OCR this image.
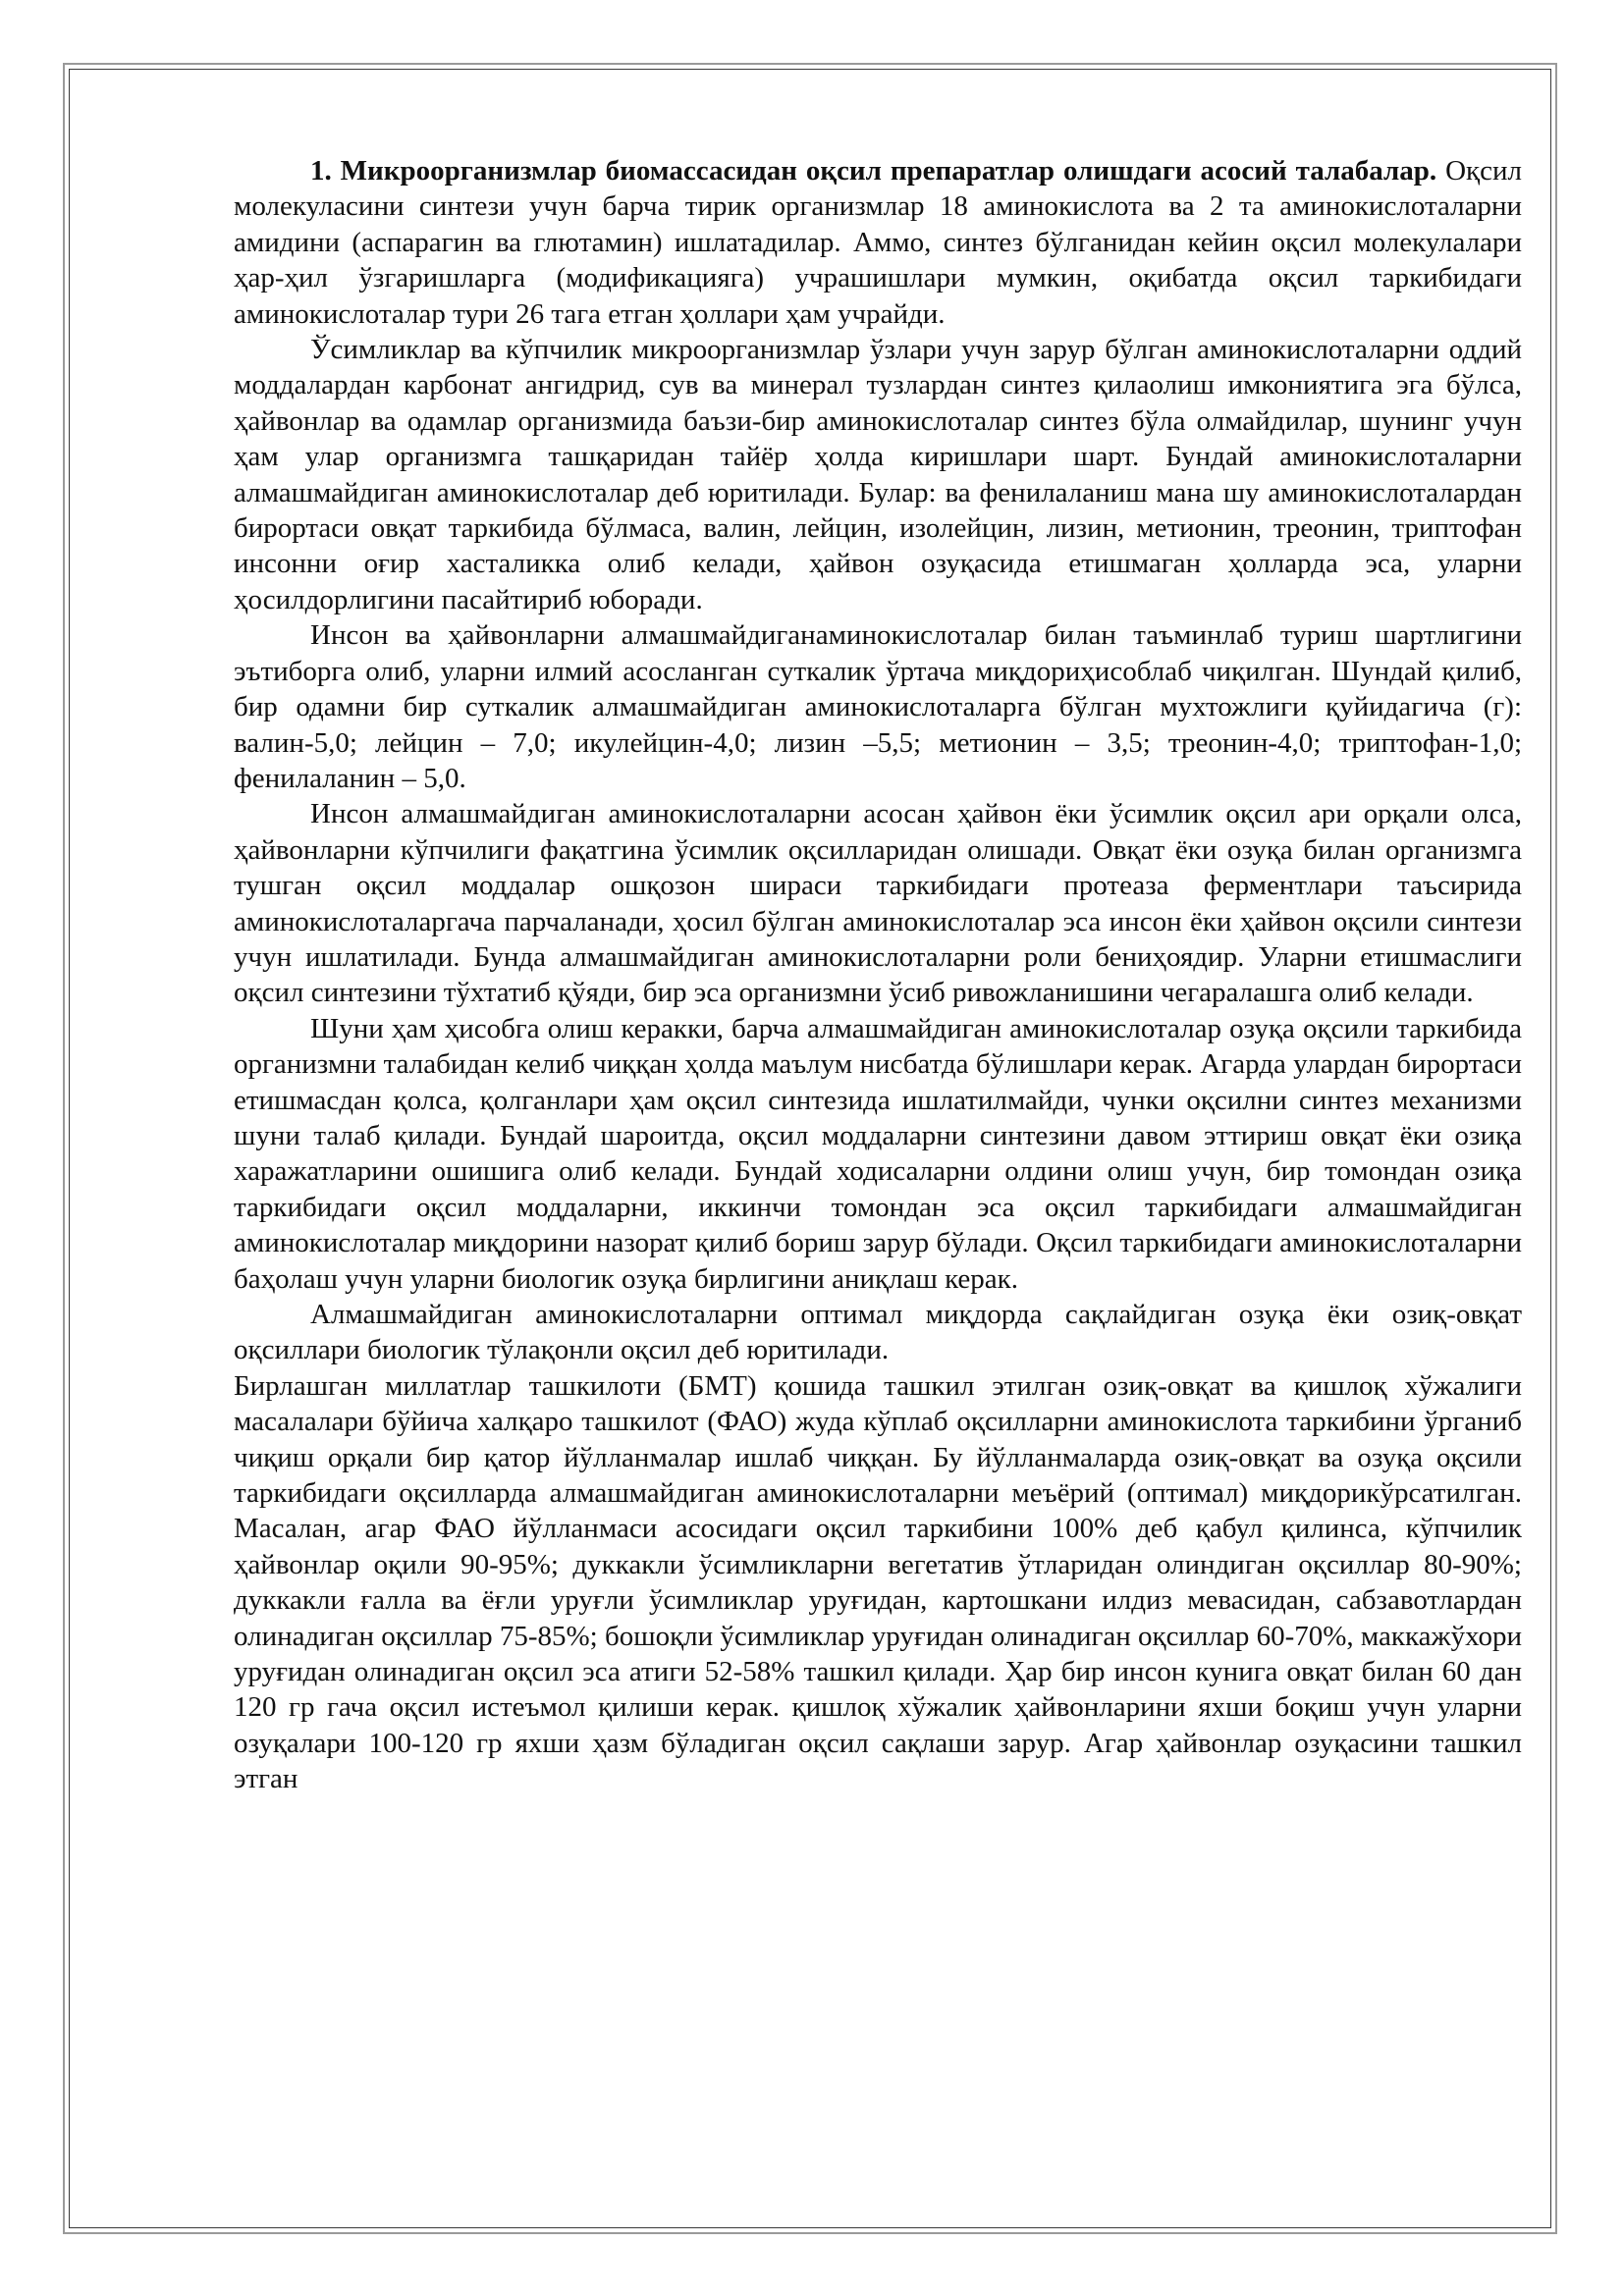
1. Микроорганизмлар биомассасидан оқсил препаратлар олишдаги асосий талабалар. Оқсил молекуласини синтези учун барча тирик организмлар 18 аминокислота ва 2 та аминокислоталарни амидини (аспарагин ва глютамин) ишлатадилар. Аммо, синтез бўлганидан кейин оқсил молекулалари ҳар-ҳил ўзгаришларга (модификацияга) учрашишлари мумкин, оқибатда оқсил таркибидаги аминокислоталар тури 26 тага етган ҳоллари ҳам учрайди.

Ўсимликлар ва кўпчилик микроорганизмлар ўзлари учун зарур бўлган аминокислоталарни оддий моддалардан карбонат ангидрид, сув ва минерал тузлардан синтез қилаолиш имкониятига эга бўлса, ҳайвонлар ва одамлар организмида баъзи-бир аминокислоталар синтез бўла олмайдилар, шунинг учун ҳам улар организмга ташқаридан тайёр ҳолда киришлари шарт. Бундай аминокислоталарни алмашмайдиган аминокислоталар деб юритилади. Булар: ва фенилаланиш мана шу аминокислоталардан бирортаси овқат таркибида бўлмаса, валин, лейцин, изолейцин, лизин, метионин, треонин, триптофан инсонни оғир хасталикка олиб келади, ҳайвон озуқасида етишмаган ҳолларда эса, уларни ҳосилдорлигини пасайтириб юборади.

Инсон ва ҳайвонларни алмашмайдиганаминокислоталар билан таъминлаб туриш шартлигини эътиборга олиб, уларни илмий асосланган суткалик ўртача миқдориҳисоблаб чиқилган. Шундай қилиб, бир одамни бир суткалик алмашмайдиган аминокислоталарга бўлган мухтожлиги қуйидагича (г): валин-5,0; лейцин – 7,0; икулейцин-4,0; лизин –5,5; метионин – 3,5; треонин-4,0; триптофан-1,0; фенилаланин – 5,0.

Инсон алмашмайдиган аминокислоталарни асосан ҳайвон ёки ўсимлик оқсил ари орқали олса, ҳайвонларни кўпчилиги фақатгина ўсимлик оқсилларидан олишади. Овқат ёки озуқа билан организмга тушган оқсил моддалар ошқозон шираси таркибидаги протеаза ферментлари таъсирида аминокислоталаргача парчаланади, ҳосил бўлган аминокислоталар эса инсон ёки ҳайвон оқсили синтези учун ишлатилади. Бунда алмашмайдиган аминокислоталарни роли бениҳоядир. Уларни етишмаслиги оқсил синтезини тўхтатиб қўяди, бир эса организмни ўсиб ривожланишини чегаралашга олиб келади.

Шуни ҳам ҳисобга олиш керакки, барча алмашмайдиган аминокислоталар озуқа оқсили таркибида организмни талабидан келиб чиққан ҳолда маълум нисбатда бўлишлари керак. Агарда улардан бирортаси етишмасдан қолса, қолганлари ҳам оқсил синтезида ишлатилмайди, чунки оқсилни синтез механизми шуни талаб қилади. Бундай шароитда, оқсил моддаларни синтезини давом эттириш овқат ёки озиқа харажатларини ошишига олиб келади. Бундай ходисаларни олдини олиш учун, бир томондан озиқа таркибидаги оқсил моддаларни, иккинчи томондан эса оқсил таркибидаги алмашмайдиган аминокислоталар миқдорини назорат қилиб бориш зарур бўлади. Оқсил таркибидаги аминокислоталарни баҳолаш учун уларни биологик озуқа бирлигини аниқлаш керак.

Алмашмайдиган аминокислоталарни оптимал миқдорда сақлайдиган озуқа ёки озиқ-овқат оқсиллари биологик тўлақонли оқсил деб юритилади.

Бирлашган миллатлар ташкилоти (БМТ) қошида ташкил этилган озиқ-овқат ва қишлоқ хўжалиги масалалари бўйича халқаро ташкилот (ФАО) жуда кўплаб оқсилларни аминокислота таркибини ўрганиб чиқиш орқали бир қатор йўлланмалар ишлаб чиққан. Бу йўлланмаларда озиқ-овқат ва озуқа оқсили таркибидаги оқсилларда алмашмайдиган аминокислоталарни меъёрий (оптимал) миқдорикўрсатилган. Масалан, агар ФАО йўлланмаси асосидаги оқсил таркибини 100% деб қабул қилинса, кўпчилик ҳайвонлар оқили 90-95%; дуккакли ўсимликларни вегетатив ўтларидан олиндиган оқсиллар 80-90%; дуккакли ғалла ва ёғли уруғли ўсимликлар уруғидан, картошкани илдиз мевасидан, сабзавотлардан олинадиган оқсиллар 75-85%; бошоқли ўсимликлар уруғидан олинадиган оқсиллар 60-70%, маккажўхори уруғидан олинадиган оқсил эса атиги 52-58% ташкил қилади. Ҳар бир инсон кунига овқат билан 60 дан 120 гр гача оқсил истеъмол қилиши керак. қишлоқ хўжалик ҳайвонларини яхши боқиш учун уларни озуқалари 100-120 гр яхши ҳазм бўладиган оқсил сақлаши зарур. Агар ҳайвонлар озуқасини ташкил этган
